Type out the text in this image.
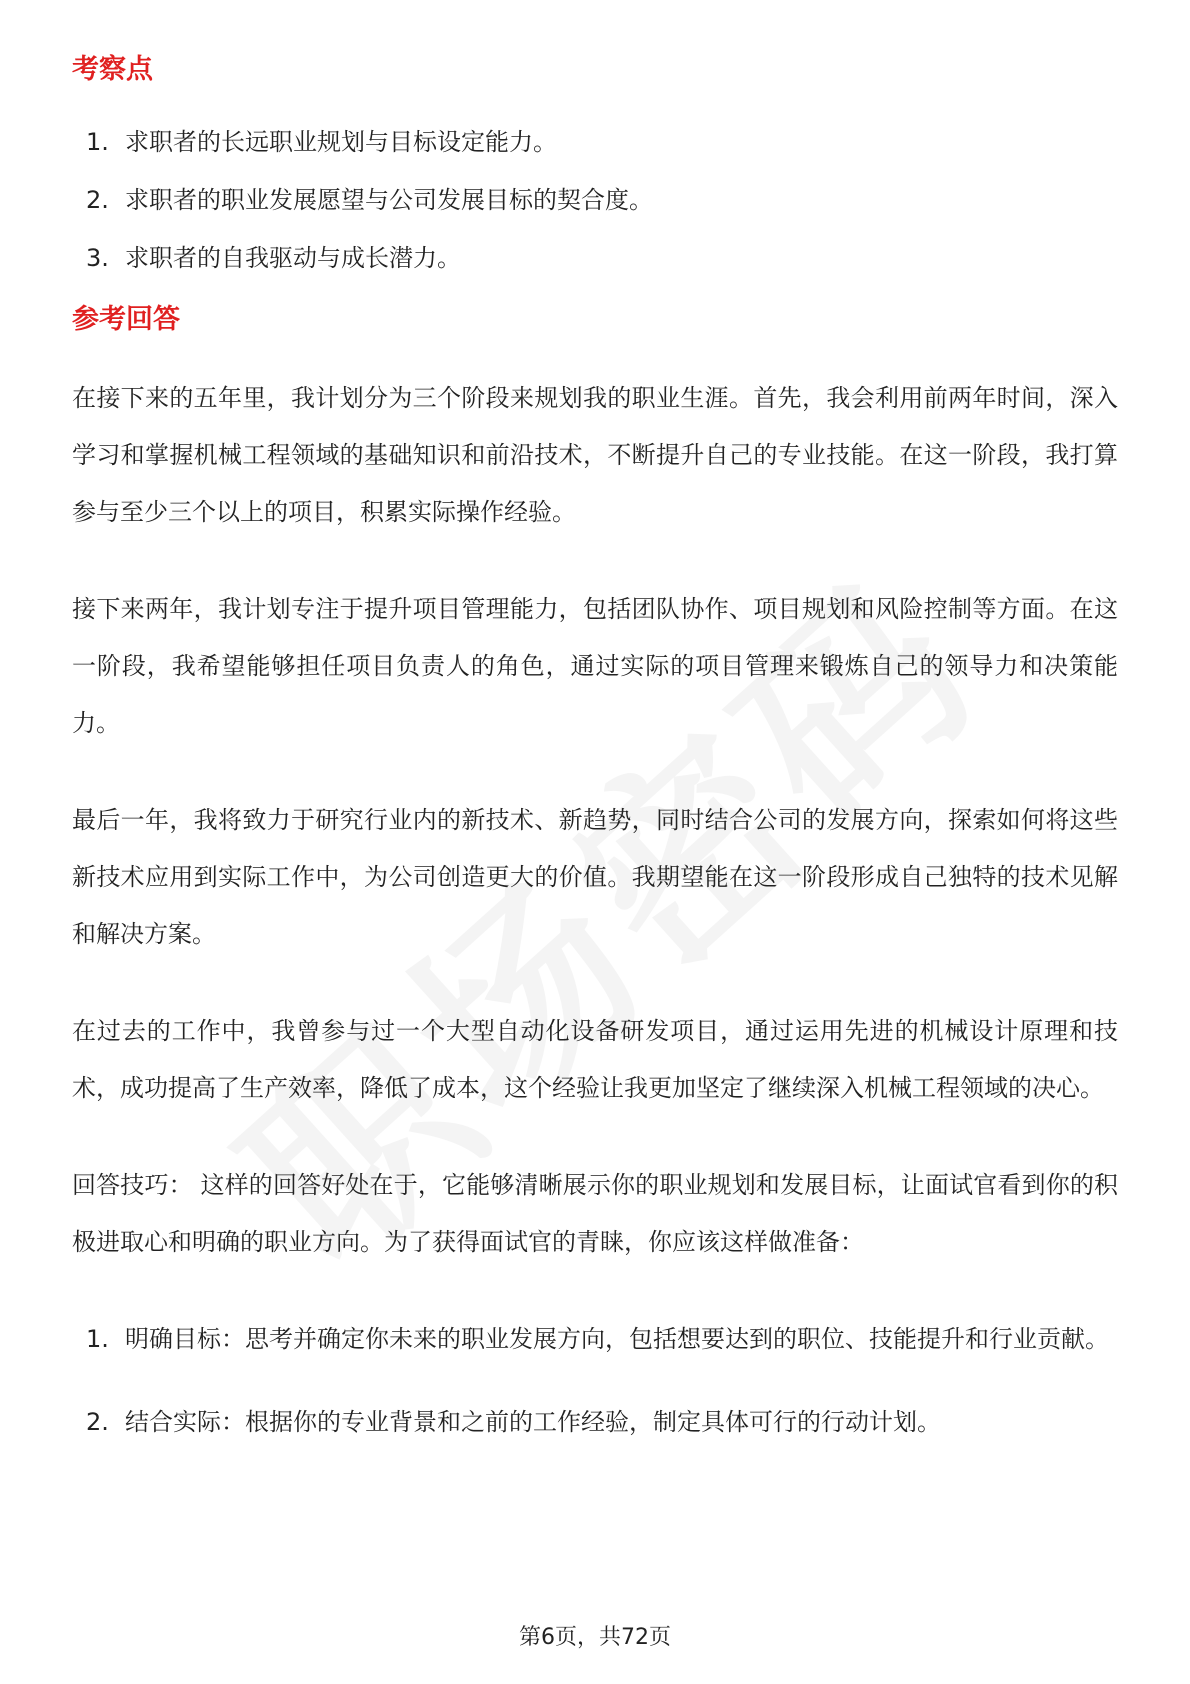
考察点
1. 求职者的长远职业规划与目标设定能力。
2. 求职者的职业发展愿望与公司发展目标的契合度。
3. 求职者的自我驱动与成长潜力。
参考回答

在接下来的五年里，我计划分为三个阶段来规划我的职业生涯。首先，我会利用前两年时间，深入学习和掌握机械工程领域的基础知识和前沿技术，不断提升自己的专业技能。在这一阶段，我打算参与至少三个以上的项目，积累实际操作经验。

接下来两年，我计划专注于提升项目管理能力，包括团队协作、项目规划和风险控制等方面。在这一阶段，我希望能够担任项目负责人的角色，通过实际的项目管理来锻炼自己的领导力和决策能力。

最后一年，我将致力于研究行业内的新技术、新趋势，同时结合公司的发展方向，探索如何将这些新技术应用到实际工作中，为公司创造更大的价值。我期望能在这一阶段形成自己独特的技术见解和解决方案。

在过去的工作中，我曾参与过一个大型自动化设备研发项目，通过运用先进的机械设计原理和技术，成功提高了生产效率，降低了成本，这个经验让我更加坚定了继续深入机械工程领域的决心。

回答技巧： 这样的回答好处在于，它能够清晰展示你的职业规划和发展目标，让面试官看到你的积极进取心和明确的职业方向。为了获得面试官的青睐，你应该这样做准备：

1. 明确目标：思考并确定你未来的职业发展方向，包括想要达到的职位、技能提升和行业贡献。
2. 结合实际：根据你的专业背景和之前的工作经验，制定具体可行的行动计划。
第6页，共72页
